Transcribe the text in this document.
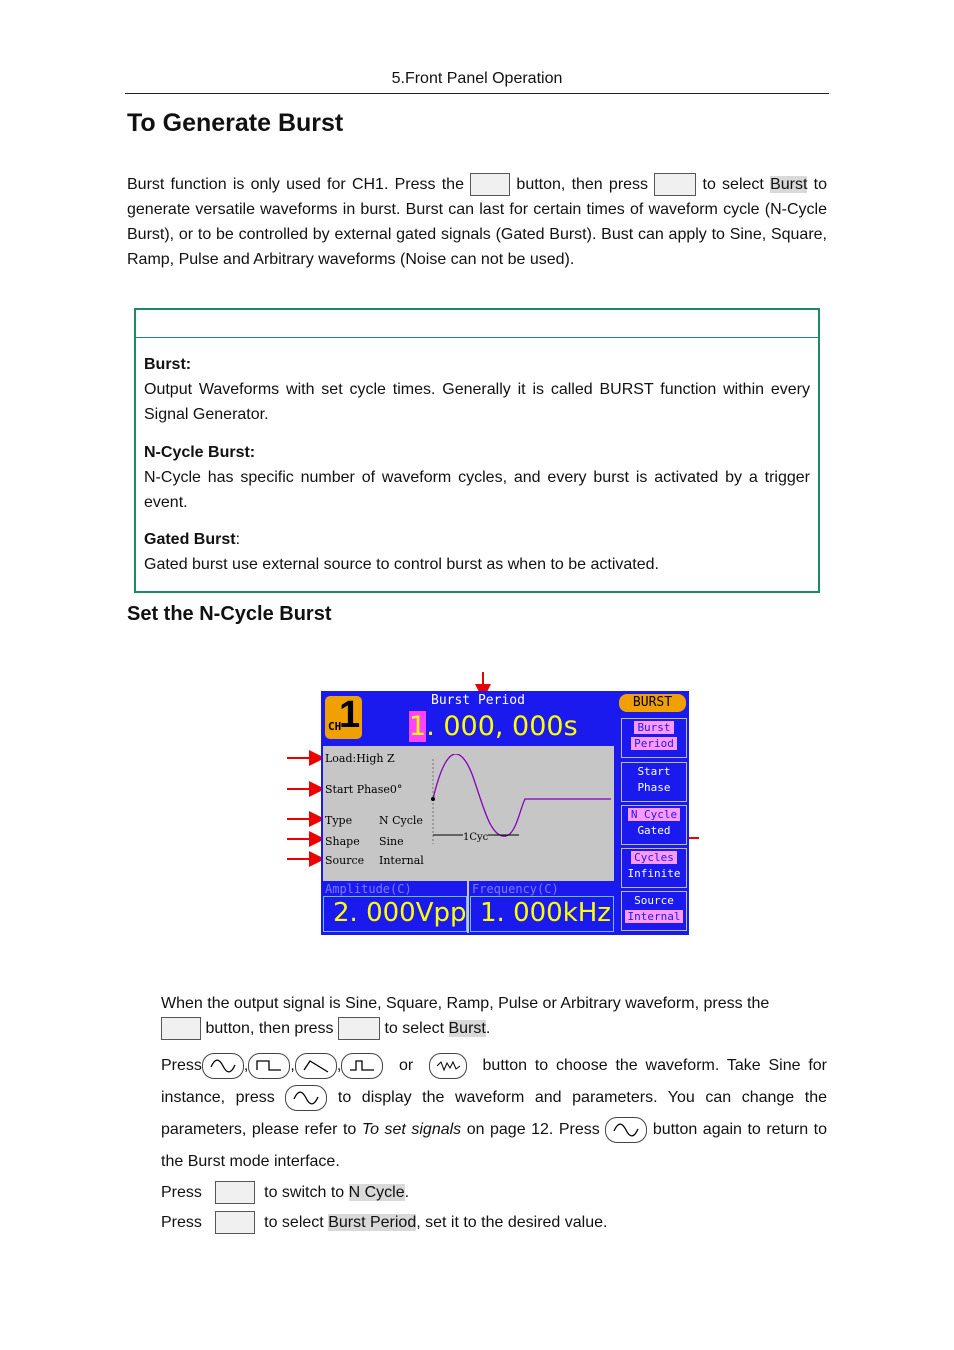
5.Front Panel Operation
To Generate Burst
Burst function is only used for CH1. Press the	button, then press	to select Burst to generate versatile waveforms in burst. Burst can last for certain times of waveform cycle (N-Cycle Burst), or to be controlled by external gated signals (Gated Burst). Bust can apply to Sine, Square, Ramp, Pulse and Arbitrary waveforms (Noise can not be used).
Burst:
Output Waveforms with set cycle times. Generally it is called BURST function within every Signal Generator.
N-Cycle Burst:
N-Cycle has specific number of waveform cycles, and every burst is activated by a trigger event.
Gated Burst:
Gated burst use external source to control burst as when to be activated.
Set the N-Cycle Burst
CH
1	Burst Period
1. 000, 000s
Load:High Z
Start Phase0°
Type N Cycle
Shape Sine
Source Internal
1Cyc
Amplitude(C)
2. 000Vpp
Frequency(C)
1. 000kHz
BURST
Burst
Period
Start
Phase
N Cycle
Gated
Cycles
Infinite
Source
Internal
When the output signal is Sine, Square, Ramp, Pulse or Arbitrary waveform, press the
button, then press	to select Burst.
Press	,	,	,	or	button to choose the waveform. Take Sine for instance, press	to display the waveform and parameters. You can change the parameters, please refer to To set signals on page 12. Press	button again to return to the Burst mode interface.
Press	to switch to N Cycle.
Press	to select Burst Period, set it to the desired value.
